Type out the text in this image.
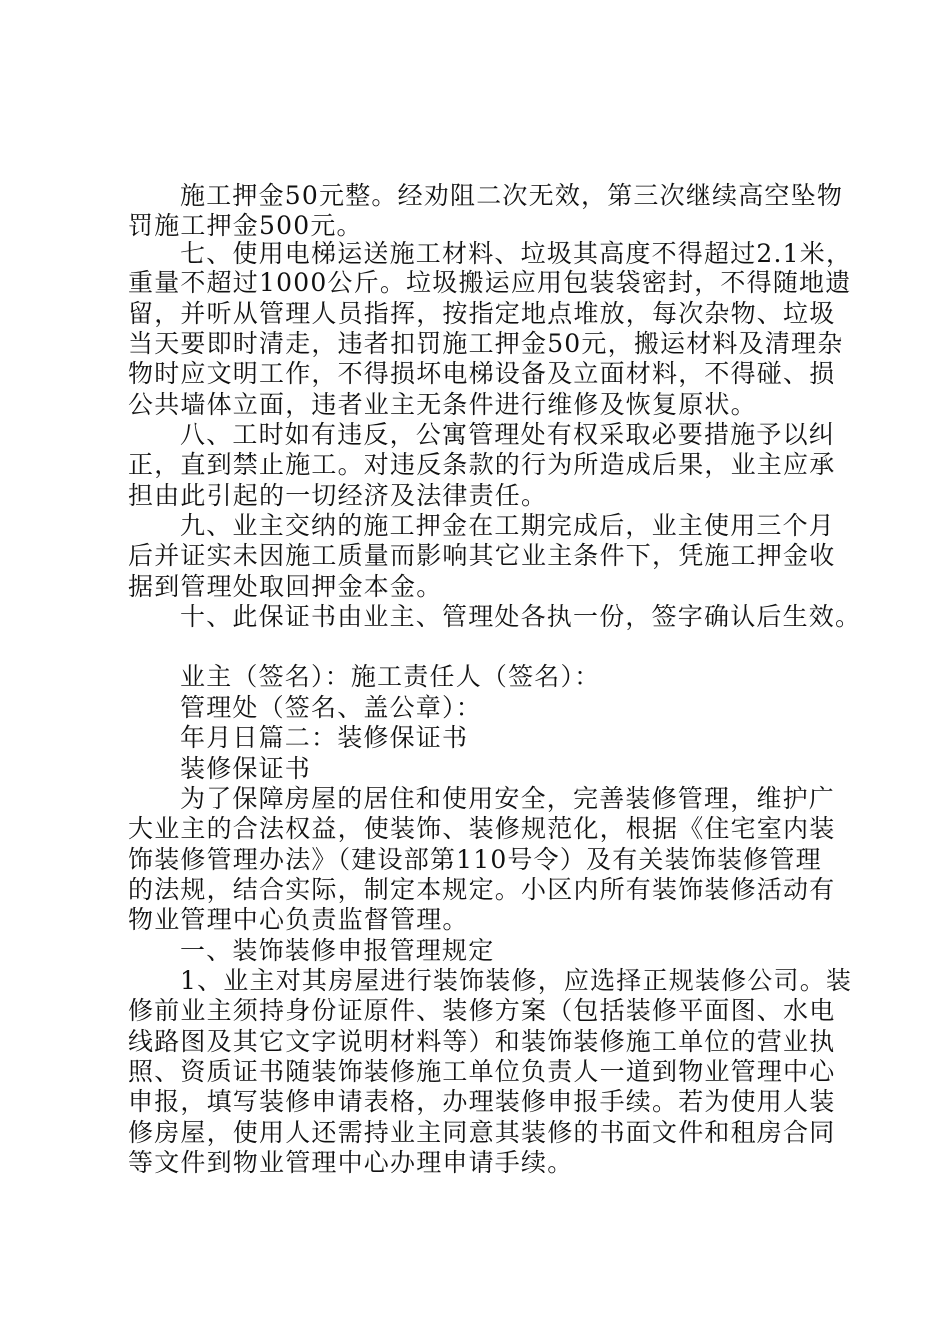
施工押金50元整。经劝阻二次无效，第三次继续高空坠物

罚施工押金500元。

七、使用电梯运送施工材料、垃圾其高度不得超过2.1米，

重量不超过1000公斤。垃圾搬运应用包装袋密封，不得随地遗

留，并听从管理人员指挥，按指定地点堆放，每次杂物、垃圾

当天要即时清走，违者扣罚施工押金50元，搬运材料及清理杂

物时应文明工作，不得损坏电梯设备及立面材料，不得碰、损

公共墙体立面，违者业主无条件进行维修及恢复原状。

八、工时如有违反，公寓管理处有权采取必要措施予以纠

正，直到禁止施工。对违反条款的行为所造成后果，业主应承

担由此引起的一切经济及法律责任。

九、业主交纳的施工押金在工期完成后，业主使用三个月

后并证实未因施工质量而影响其它业主条件下，凭施工押金收

据到管理处取回押金本金。

十、此保证书由业主、管理处各执一份，签字确认后生效。

业主（签名）：施工责任人（签名）：

管理处（签名、盖公章）：

年月日篇二：装修保证书

装修保证书

为了保障房屋的居住和使用安全，完善装修管理，维护广

大业主的合法权益，使装饰、装修规范化，根据《住宅室内装

饰装修管理办法》（建设部第110号令）及有关装饰装修管理

的法规，结合实际，制定本规定。小区内所有装饰装修活动有

物业管理中心负责监督管理。

一、装饰装修申报管理规定

1、业主对其房屋进行装饰装修，应选择正规装修公司。装

修前业主须持身份证原件、装修方案（包括装修平面图、水电

线路图及其它文字说明材料等）和装饰装修施工单位的营业执

照、资质证书随装饰装修施工单位负责人一道到物业管理中心

申报，填写装修申请表格，办理装修申报手续。若为使用人装

修房屋，使用人还需持业主同意其装修的书面文件和租房合同

等文件到物业管理中心办理申请手续。
